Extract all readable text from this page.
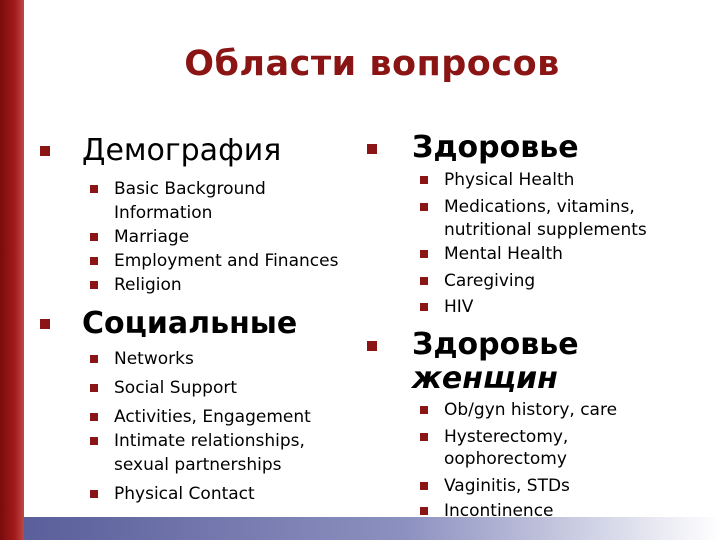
Области вопросов
Демография
Basic Background
Information
Marriage
Employment and Finances
Religion
Социальные
Networks
Social Support
Activities, Engagement
Intimate relationships,
sexual partnerships
Physical Contact
Здоровье
Physical Health
Medications, vitamins,
nutritional supplements
Mental Health
Caregiving
HIV
Здоровье
женщин
Ob/gyn history, care
Hysterectomy,
oophorectomy
Vaginitis, STDs
Incontinence
